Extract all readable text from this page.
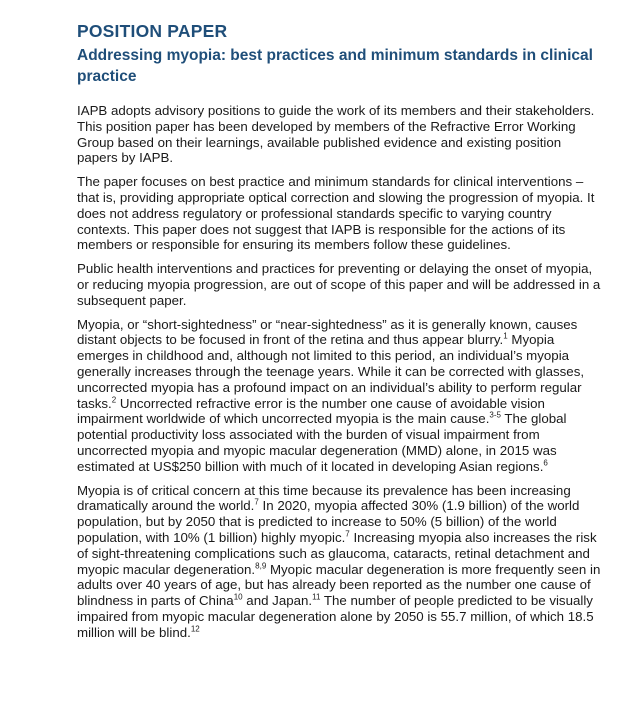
POSITION PAPER
Addressing myopia: best practices and minimum standards in clinical practice

IAPB adopts advisory positions to guide the work of its members and their stakeholders. This position paper has been developed by members of the Refractive Error Working Group based on their learnings, available published evidence and existing position papers by IAPB.

The paper focuses on best practice and minimum standards for clinical interventions – that is, providing appropriate optical correction and slowing the progression of myopia. It does not address regulatory or professional standards specific to varying country contexts. This paper does not suggest that IAPB is responsible for the actions of its members or responsible for ensuring its members follow these guidelines.

Public health interventions and practices for preventing or delaying the onset of myopia, or reducing myopia progression, are out of scope of this paper and will be addressed in a subsequent paper.

Myopia, or “short-sightedness” or “near-sightedness” as it is generally known, causes distant objects to be focused in front of the retina and thus appear blurry.$^1$ Myopia emerges in childhood and, although not limited to this period, an individual’s myopia generally increases through the teenage years. While it can be corrected with glasses, uncorrected myopia has a profound impact on an individual’s ability to perform regular tasks.$^2$ Uncorrected refractive error is the number one cause of avoidable vision impairment worldwide of which uncorrected myopia is the main cause.$^{3-5}$ The global potential productivity loss associated with the burden of visual impairment from uncorrected myopia and myopic macular degeneration (MMD) alone, in 2015 was estimated at US$250 billion with much of it located in developing Asian regions.$^6$

Myopia is of critical concern at this time because its prevalence has been increasing dramatically around the world.$^7$ In 2020, myopia affected 30% (1.9 billion) of the world population, but by 2050 that is predicted to increase to 50% (5 billion) of the world population, with 10% (1 billion) highly myopic.$^7$ Increasing myopia also increases the risk of sight-threatening complications such as glaucoma, cataracts, retinal detachment and myopic macular degeneration.$^{8,9}$ Myopic macular degeneration is more frequently seen in adults over 40 years of age, but has already been reported as the number one cause of blindness in parts of China$^{10}$ and Japan.$^{11}$ The number of people predicted to be visually impaired from myopic macular degeneration alone by 2050 is 55.7 million, of which 18.5 million will be blind.$^{12}$
